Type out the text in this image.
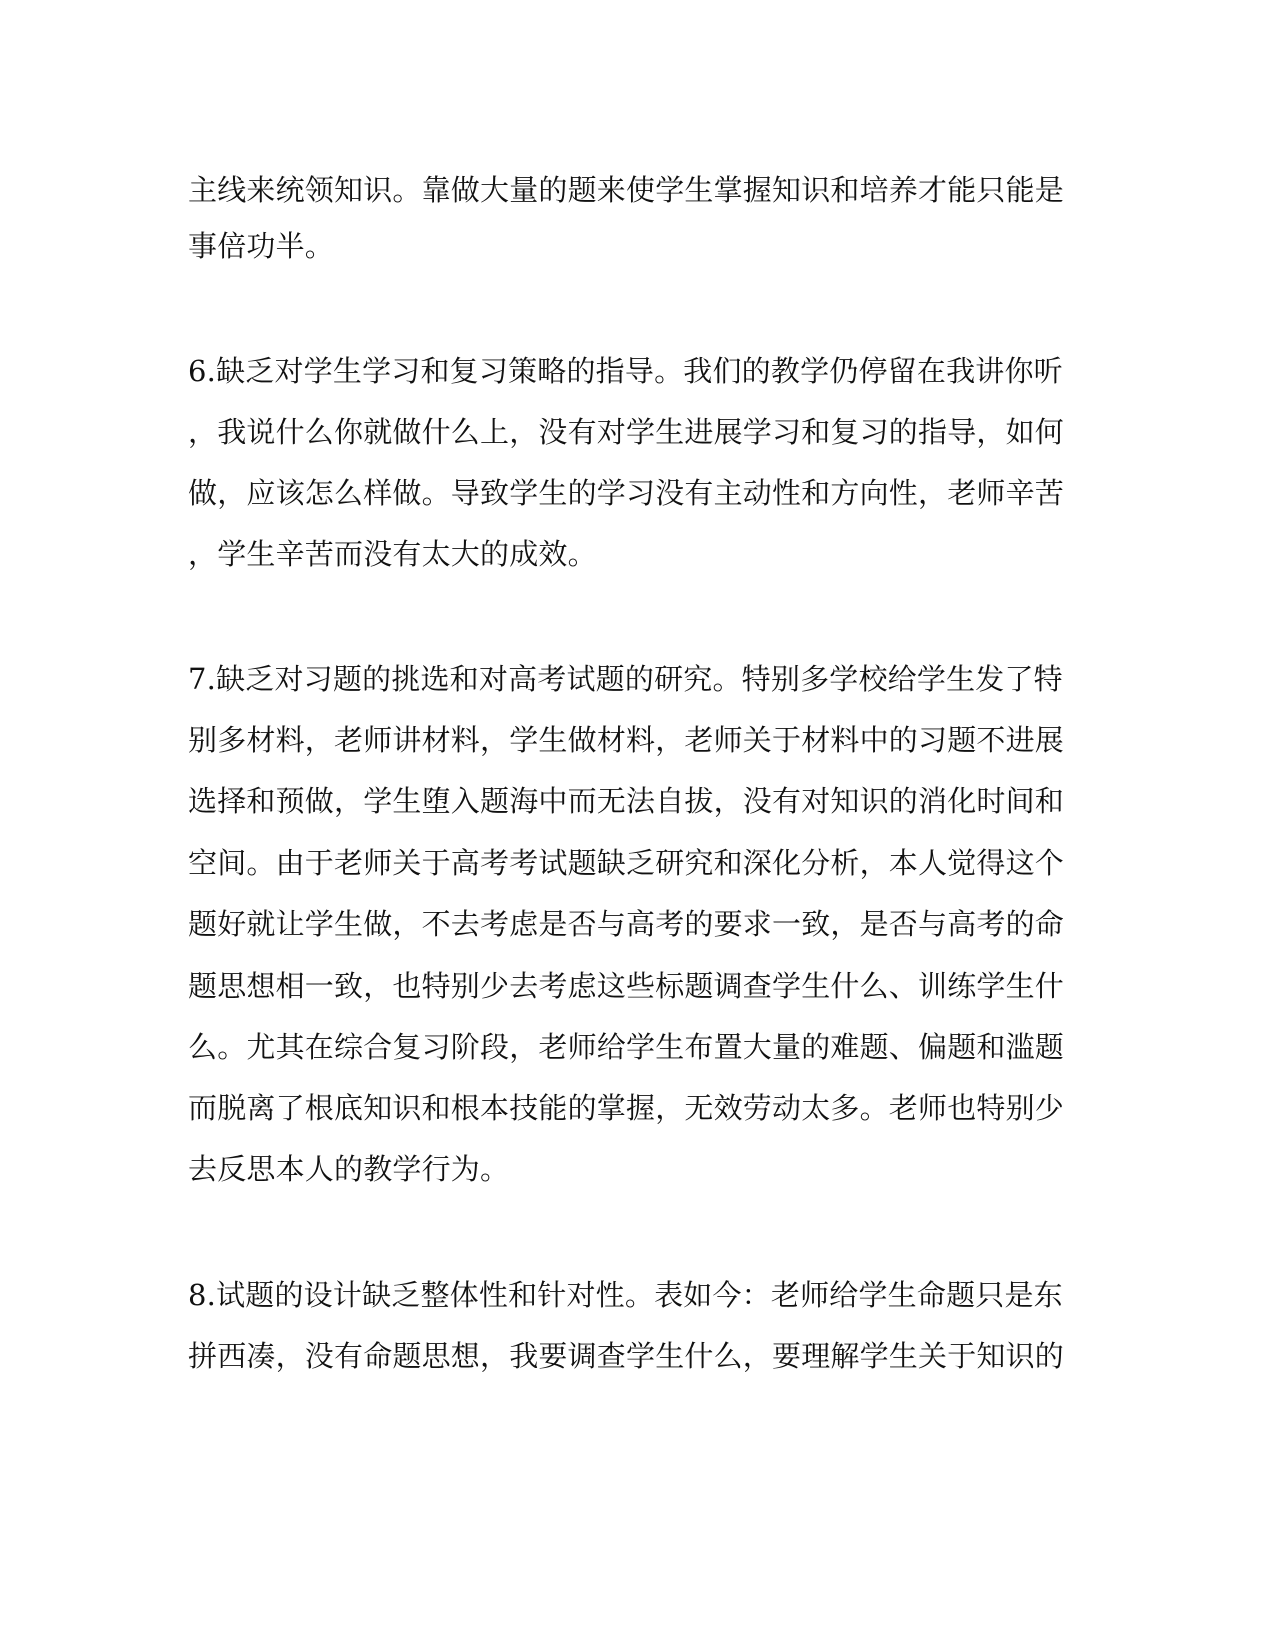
主线来统领知识。靠做大量的题来使学生掌握知识和培养才能只能是
事倍功半。
6.缺乏对学生学习和复习策略的指导。我们的教学仍停留在我讲你听
，我说什么你就做什么上，没有对学生进展学习和复习的指导，如何
做，应该怎么样做。导致学生的学习没有主动性和方向性，老师辛苦
，学生辛苦而没有太大的成效。
7.缺乏对习题的挑选和对高考试题的研究。特别多学校给学生发了特
别多材料，老师讲材料，学生做材料，老师关于材料中的习题不进展
选择和预做，学生堕入题海中而无法自拔，没有对知识的消化时间和
空间。由于老师关于高考考试题缺乏研究和深化分析，本人觉得这个
题好就让学生做，不去考虑是否与高考的要求一致，是否与高考的命
题思想相一致，也特别少去考虑这些标题调查学生什么、训练学生什
么。尤其在综合复习阶段，老师给学生布置大量的难题、偏题和滥题
而脱离了根底知识和根本技能的掌握，无效劳动太多。老师也特别少
去反思本人的教学行为。
8.试题的设计缺乏整体性和针对性。表如今：老师给学生命题只是东
拼西凑，没有命题思想，我要调查学生什么，要理解学生关于知识的
